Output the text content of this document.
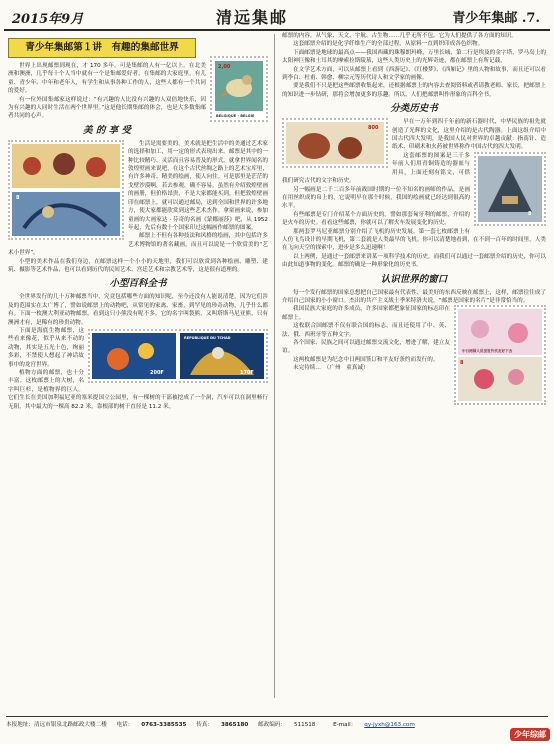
2015年9月	清远集邮	青少年集邮 .7.
青少年集邮第１讲　有趣的集邮世界
2,00
BELGIQUE - BELGIE

世界上出现邮票到现在，才 170 多年。可是集邮的人有一亿以上。在北美洲和澳洲，几乎每十个人当中就有一个是集邮爱好者。在集邮的大家庭里，有儿童、青少年、中年和老年人，有学生和从事各种工作的人，这些人都有一个共同的爱好。

有一位外国集邮家这样说过：“有兴趣的人比没有兴趣的人双倍地快乐，因为有兴趣的人同时生活在两个世界里。”这是他长期集邮的体会，也是大多数集邮者共同的心声。

美 的 享 受
8

生活是需要美的。美术就是把生活中的美通过艺术家的选择和加工，用一定的形式表现出来。邮票是其中的一种比较精巧、灵活而且容易普及的形式。就拿世界闻名的敦煌壁画来说吧，在这个古代丝绸之路上的艺术宝库里，有许多神奇、精美的绘画，使人向往。可是那里是茫茫的戈壁沙漠啊，若去参观，确不容易。虽然有介绍敦煌壁画的画册，但价格昂贵，不是大家都能买到。但把敦煌壁画印在邮票上，就可以通过邮局，送到全国和世界的许多地方，使大家都能欣赏到这些艺术杰作。拿童画来说，参加童画的大画家达 · 芬奇的名画《蒙娜丽莎》吧，从 1952 年起，先后有数十个国家印过这幅画作邮票的图案。

邮票上不但有各种技法和风格的绘画，其中包括许多艺术博物馆的著名藏画，而且可以说是一个欣赏美的“艺术小世界”。

小型的美术作品在我们身边，在邮票这样一个小小的天地里，我们可以欣赏到各种绘画、雕塑、建筑、摄影等艺术作品，也可以看到历代的民间艺术、宫廷艺术和宗教艺术等，这是很有道理的。

小型百科全书

全世界发行的几十万种邮票当中，究竟包括哪些方面的知识呢，至今还没有人能说清楚，因为它们涉及的范围实在太广博了，譬如说邮票上的动物吧，从常见的家禽、家畜，到罕见的珍奇动物，几乎什么都有。下面一枚澳大利亚动物邮票，看到这只小熊没有呢不多。它的名字叫袋熊，又叫塔斯马尼亚熊，只有澳洲才有，是稀有的珍贵动物。

200F	170F
REPUBLIQUE DU TCHAD

下面是海底生物邮票，这些看来像花，似乎从来不动的动物，其实是五光十色，绚丽多彩，不禁使人想起了神话故事中的龙宫世界。

植物方面的邮票，也十分丰富。这枚邮票上的大树，名字叫巨杉，是植物界的巨人。它们生长在美国加利福尼亚的塞米提国立公园里，有一棵树的干部被挖成了一个洞，汽车可以在洞里畅行无阻，其中最大的一棵高 82.2 米，靠根部的树干直径是 11.2 米。

邮票的内容，从气象、天文、宇航、古生物……几乎无所不包。它为人们提供了各方面的知识。

这套邮票介绍的是化学纤维生产的全部过程，从原料一直到织印成各色织物。

下面邮票是地球的最高点——我国西藏的珠穆朗玛峰，万里长城，第二行是埃及的金字塔，罗马岛上的太阳神巨像和土耳其的摩索拉斯陵墓，这些人类历史上的光辉奇迹，都在邮票上有所记载。

在文学艺术方面，可以从邮票上看到《西游记》、《红楼梦》、《西厢记》里的人物和故事，而且还可以看到李白、杜甫、韩愈、柳宗元等历代诗人和文学家的画像。

要是我们不只是把这些邮票收集起来，还根据邮票上的内容去查阅资料或者请教老师、家长，把邮票上的知识进一步钻研，那将会增加更多的乐趣。所以，人们把邮票叫作形象的百科全书。

分类历史书
800

早在一万年到四千年前的新石器时代，中华民族的祖先就创造了光辉的文化，这里介绍的是古代陶器。上面这组介绍中国古代四大发明，是我国人民对世界的卓越贡献：指南针、造纸术、印刷术和火药被世界称作中国古代的四大发明。

8

这套邮票的图案是三千多年前人们用青铜铸造的器皿与用具，上面还刻有铭文，可供我们研究古代的文字和历史。

另一幅画是二千二百多年前战国时期的一位不知名的画师的作品，是画在用丝织成的帛上的，它说明早在那个时候，我国的绘画就已经达到很高的水平。

有些邮票是专门介绍某个方面历史的。譬如那套匈牙利的邮票，介绍的是火车的历史。看看这些邮票，你就可以了解火车发展变化的历史。

那两套罗马尼亚邮票分别介绍了飞机的历史发展。第一套七枚邮票上有人仿飞鸟设计的早期飞机，第二套就是人类最早的飞机。你可以清楚地看到，在不到一百年的时间里，人类在飞向天空的探索中，进步是多么迅速啊！

以上两例，是通过一套邮票来讲某一项科学技术的历史，而我们可以通过一套邮票介绍的历史，你可以由此知道事物的变化。邮票的确是一种形象化的历史书。

认识世界的窗口

每一个发行邮票的国家总想把自己国家最有代表性、最美好的东西反映在邮票上，这样，邮票往往成了介绍自己国家的小小窗口。杰出的共产主义战士季米特洛夫说，“邮票是国家的名片”是非常恰当的。

8
中日两国人民世世代代友好下去

我国民族大家庭的许多成员，许多国家都把象征国家的标志印在邮票上。

这枚联合国邮票不仅有联合国的标志，而且还使用了中、英、法、俄、西班牙等五种文字。

各个国家、民族之间可以通过邮票交流文化，增进了解，建立友谊。

这两枚邮票是为纪念中日两国签订和平友好条约而发行的。

未完待续…　 （广州　童真诚）

本报地址：清远市银泉北路邮政大楼二楼 电话： 0763-3385535 传真： 3865180 邮政编码： 511518	E-mail： qy-jyxh@163.com
少年综邮
